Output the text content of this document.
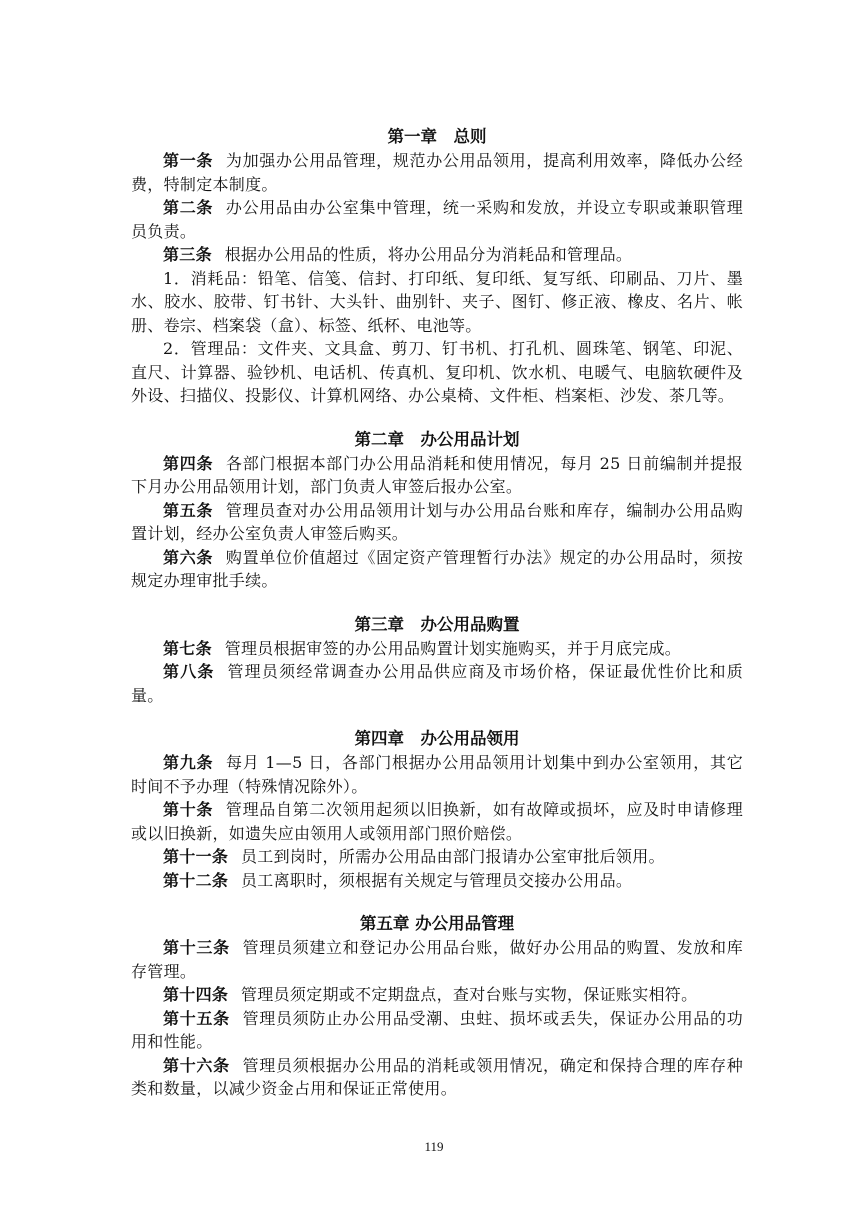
第一章　总则

第一条 为加强办公用品管理，规范办公用品领用，提高利用效率，降低办公经费，特制定本制度。

第二条 办公用品由办公室集中管理，统一采购和发放，并设立专职或兼职管理员负责。

第三条 根据办公用品的性质，将办公用品分为消耗品和管理品。

1．消耗品：铅笔、信笺、信封、打印纸、复印纸、复写纸、印刷品、刀片、墨水、胶水、胶带、钉书针、大头针、曲别针、夹子、图钉、修正液、橡皮、名片、帐册、卷宗、档案袋（盒）、标签、纸杯、电池等。

2．管理品：文件夹、文具盒、剪刀、钉书机、打孔机、圆珠笔、钢笔、印泥、直尺、计算器、验钞机、电话机、传真机、复印机、饮水机、电暖气、电脑软硬件及外设、扫描仪、投影仪、计算机网络、办公桌椅、文件柜、档案柜、沙发、茶几等。

第二章　办公用品计划

第四条 各部门根据本部门办公用品消耗和使用情况，每月 25 日前编制并提报下月办公用品领用计划，部门负责人审签后报办公室。

第五条 管理员查对办公用品领用计划与办公用品台账和库存，编制办公用品购置计划，经办公室负责人审签后购买。

第六条 购置单位价值超过《固定资产管理暂行办法》规定的办公用品时，须按规定办理审批手续。

第三章　办公用品购置

第七条 管理员根据审签的办公用品购置计划实施购买，并于月底完成。

第八条 管理员须经常调查办公用品供应商及市场价格，保证最优性价比和质量。

第四章　办公用品领用

第九条 每月 1—5 日，各部门根据办公用品领用计划集中到办公室领用，其它时间不予办理（特殊情况除外）。

第十条 管理品自第二次领用起须以旧换新，如有故障或损坏，应及时申请修理或以旧换新，如遗失应由领用人或领用部门照价赔偿。

第十一条 员工到岗时，所需办公用品由部门报请办公室审批后领用。

第十二条 员工离职时，须根据有关规定与管理员交接办公用品。

第五章 办公用品管理

第十三条 管理员须建立和登记办公用品台账，做好办公用品的购置、发放和库存管理。

第十四条 管理员须定期或不定期盘点，查对台账与实物，保证账实相符。

第十五条 管理员须防止办公用品受潮、虫蛀、损坏或丢失，保证办公用品的功用和性能。

第十六条 管理员须根据办公用品的消耗或领用情况，确定和保持合理的库存种类和数量，以减少资金占用和保证正常使用。

119
